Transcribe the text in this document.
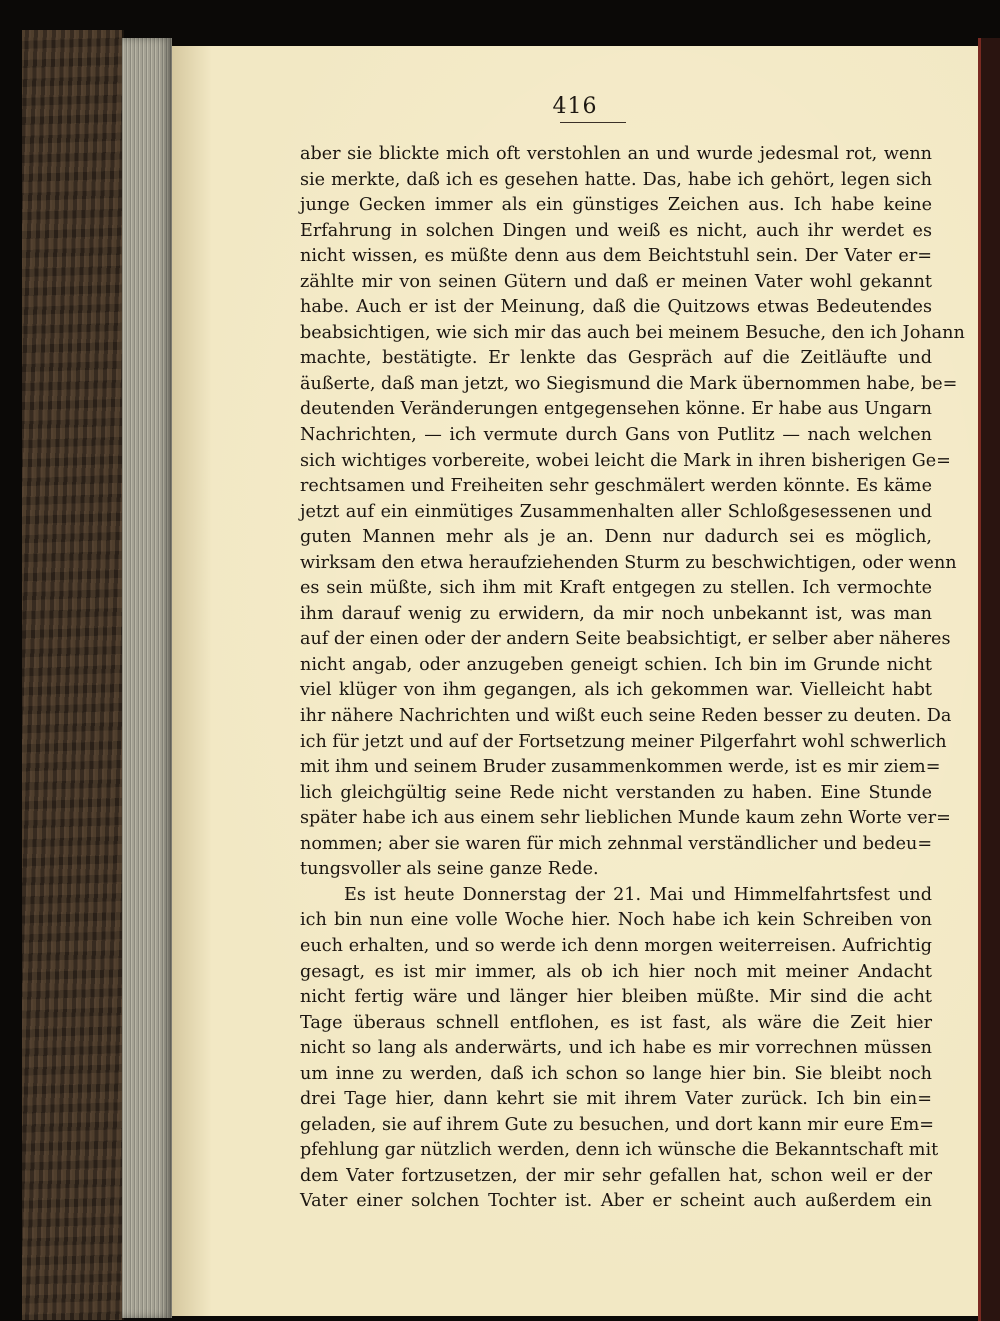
416
aber sie blickte mich oft verstohlen an und wurde jedesmal rot, wenn
sie merkte, daß ich es gesehen hatte. Das, habe ich gehört, legen sich
junge Gecken immer als ein günstiges Zeichen aus. Ich habe keine
Erfahrung in solchen Dingen und weiß es nicht, auch ihr werdet es
nicht wissen, es müßte denn aus dem Beichtstuhl sein. Der Vater er=
zählte mir von seinen Gütern und daß er meinen Vater wohl gekannt
habe. Auch er ist der Meinung, daß die Quitzows etwas Bedeutendes
beabsichtigen, wie sich mir das auch bei meinem Besuche, den ich Johann
machte, bestätigte. Er lenkte das Gespräch auf die Zeitläufte und
äußerte, daß man jetzt, wo Siegismund die Mark übernommen habe, be=
deutenden Veränderungen entgegensehen könne. Er habe aus Ungarn
Nachrichten, — ich vermute durch Gans von Putlitz — nach welchen
sich wichtiges vorbereite, wobei leicht die Mark in ihren bisherigen Ge=
rechtsamen und Freiheiten sehr geschmälert werden könnte. Es käme
jetzt auf ein einmütiges Zusammenhalten aller Schloßgesessenen und
guten Mannen mehr als je an. Denn nur dadurch sei es möglich,
wirksam den etwa heraufziehenden Sturm zu beschwichtigen, oder wenn
es sein müßte, sich ihm mit Kraft entgegen zu stellen. Ich vermochte
ihm darauf wenig zu erwidern, da mir noch unbekannt ist, was man
auf der einen oder der andern Seite beabsichtigt, er selber aber näheres
nicht angab, oder anzugeben geneigt schien. Ich bin im Grunde nicht
viel klüger von ihm gegangen, als ich gekommen war. Vielleicht habt
ihr nähere Nachrichten und wißt euch seine Reden besser zu deuten. Da
ich für jetzt und auf der Fortsetzung meiner Pilgerfahrt wohl schwerlich
mit ihm und seinem Bruder zusammenkommen werde, ist es mir ziem=
lich gleichgültig seine Rede nicht verstanden zu haben. Eine Stunde
später habe ich aus einem sehr lieblichen Munde kaum zehn Worte ver=
nommen; aber sie waren für mich zehnmal verständlicher und bedeu=
tungsvoller als seine ganze Rede.
Es ist heute Donnerstag der 21. Mai und Himmelfahrtsfest und
ich bin nun eine volle Woche hier. Noch habe ich kein Schreiben von
euch erhalten, und so werde ich denn morgen weiterreisen. Aufrichtig
gesagt, es ist mir immer, als ob ich hier noch mit meiner Andacht
nicht fertig wäre und länger hier bleiben müßte. Mir sind die acht
Tage überaus schnell entflohen, es ist fast, als wäre die Zeit hier
nicht so lang als anderwärts, und ich habe es mir vorrechnen müssen
um inne zu werden, daß ich schon so lange hier bin. Sie bleibt noch
drei Tage hier, dann kehrt sie mit ihrem Vater zurück. Ich bin ein=
geladen, sie auf ihrem Gute zu besuchen, und dort kann mir eure Em=
pfehlung gar nützlich werden, denn ich wünsche die Bekanntschaft mit
dem Vater fortzusetzen, der mir sehr gefallen hat, schon weil er der
Vater einer solchen Tochter ist. Aber er scheint auch außerdem ein
